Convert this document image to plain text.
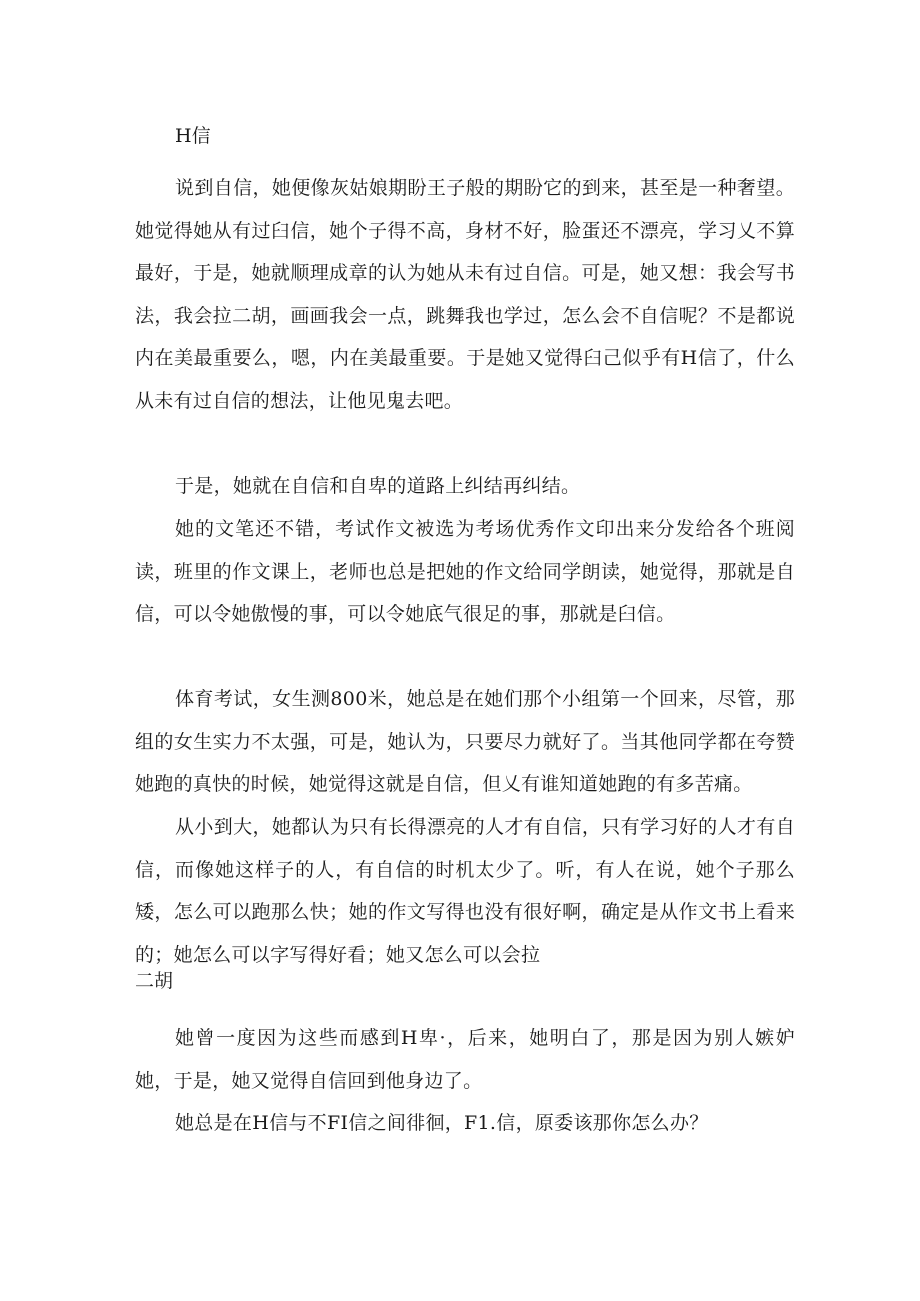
H信

说到自信，她便像灰姑娘期盼王子般的期盼它的到来，甚至是一种奢望。她觉得她从有过臼信，她个子得不高，身材不好，脸蛋还不漂亮，学习乂不算最好，于是，她就顺理成章的认为她从未有过自信。可是，她又想：我会写书法，我会拉二胡，画画我会一点，跳舞我也学过，怎么会不自信呢？不是都说内在美最重要么，嗯，内在美最重要。于是她又觉得臼己似乎有H信了，什么从未有过自信的想法，让他见鬼去吧。

于是，她就在自信和自卑的道路上纠结再纠结。

她的文笔还不错，考试作文被选为考场优秀作文印出来分发给各个班阅读，班里的作文课上，老师也总是把她的作文给同学朗读，她觉得，那就是自信，可以令她傲慢的事，可以令她底气很足的事，那就是臼信。

体育考试，女生测800米，她总是在她们那个小组第一个回来，尽管，那组的女生实力不太强，可是，她认为，只要尽力就好了。当其他同学都在夸赞她跑的真快的时候，她觉得这就是自信，但乂有谁知道她跑的有多苦痛。

从小到大，她都认为只有长得漂亮的人才有自信，只有学习好的人才有自信，而像她这样子的人，有自信的时机太少了。听，有人在说，她个子那么矮，怎么可以跑那么快；她的作文写得也没有很好啊，确定是从作文书上看来的；她怎么可以字写得好看；她又怎么可以会拉

二胡

她曾一度因为这些而感到H卑·，后来，她明白了，那是因为别人嫉妒她，于是，她又觉得自信回到他身边了。

她总是在H信与不FI信之间徘徊，F1.信，原委该那你怎么办？
